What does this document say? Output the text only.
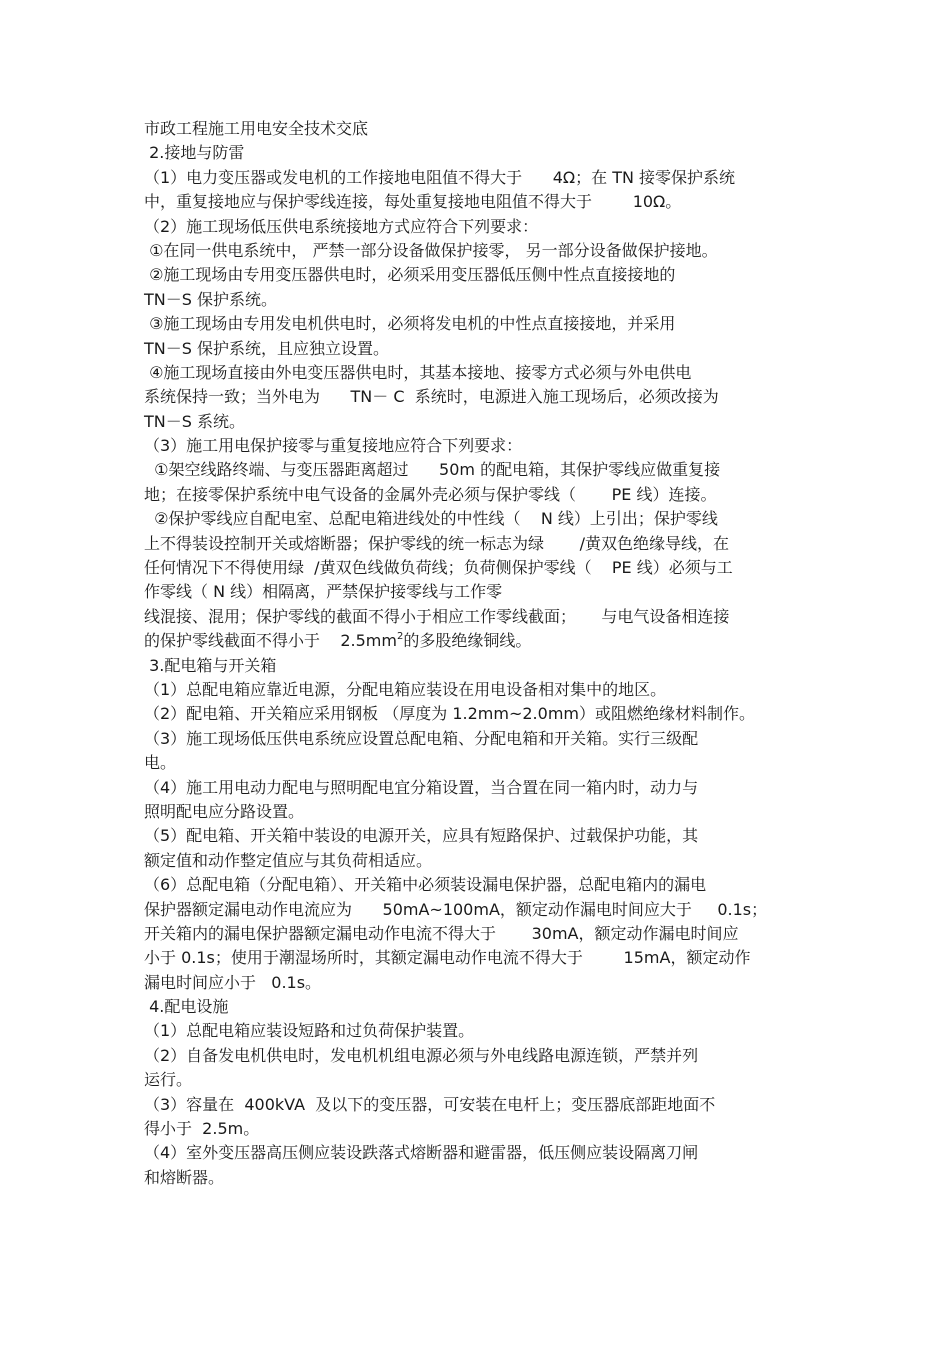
市政工程施工用电安全技术交底
2.接地与防雷
（1）电力变压器或发电机的工作接地电阻值不得大于      4Ω；在 TN 接零保护系统
中，重复接地应与保护零线连接，每处重复接地电阻值不得大于        10Ω。
（2）施工现场低压供电系统接地方式应符合下列要求：
①在同一供电系统中， 严禁一部分设备做保护接零， 另一部分设备做保护接地。
②施工现场由专用变压器供电时，必须采用变压器低压侧中性点直接接地的
TN－S 保护系统。
③施工现场由专用发电机供电时，必须将发电机的中性点直接接地，并采用
TN－S 保护系统，且应独立设置。
④施工现场直接由外电变压器供电时，其基本接地、接零方式必须与外电供电
系统保持一致；当外电为      TN－ C  系统时，电源进入施工现场后，必须改接为
TN－S 系统。
（3）施工用电保护接零与重复接地应符合下列要求：
①架空线路终端、与变压器距离超过      50m 的配电箱，其保护零线应做重复接
地；在接零保护系统中电气设备的金属外壳必须与保护零线（       PE 线）连接。
②保护零线应自配电室、总配电箱进线处的中性线（    N 线）上引出；保护零线
上不得装设控制开关或熔断器；保护零线的统一标志为绿       /黄双色绝缘导线，在
任何情况下不得使用绿  /黄双色线做负荷线；负荷侧保护零线（    PE 线）必须与工
作零线（ N 线）相隔离，严禁保护接零线与工作零
线混接、混用；保护零线的截面不得小于相应工作零线截面；     与电气设备相连接
的保护零线截面不得小于    $2.5mm^2$的多股绝缘铜线。
3.配电箱与开关箱
（1）总配电箱应靠近电源，分配电箱应装设在用电设备相对集中的地区。
（2）配电箱、开关箱应采用钢板 （厚度为 1.2mm~2.0mm）或阻燃绝缘材料制作。
（3）施工现场低压供电系统应设置总配电箱、分配电箱和开关箱。实行三级配
电。
（4）施工用电动力配电与照明配电宜分箱设置，当合置在同一箱内时，动力与
照明配电应分路设置。
（5）配电箱、开关箱中装设的电源开关，应具有短路保护、过载保护功能，其
额定值和动作整定值应与其负荷相适应。
（6）总配电箱（分配电箱）、开关箱中必须装设漏电保护器，总配电箱内的漏电
保护器额定漏电动作电流应为      50mA~100mA，额定动作漏电时间应大于     0.1s；
开关箱内的漏电保护器额定漏电动作电流不得大于       30mA，额定动作漏电时间应
小于 0.1s；使用于潮湿场所时，其额定漏电动作电流不得大于        15mA，额定动作
漏电时间应小于   0.1s。
4.配电设施
（1）总配电箱应装设短路和过负荷保护装置。
（2）自备发电机供电时，发电机机组电源必须与外电线路电源连锁，严禁并列
运行。
（3）容量在  400kVA  及以下的变压器，可安装在电杆上；变压器底部距地面不
得小于  2.5m。
（4）室外变压器高压侧应装设跌落式熔断器和避雷器，低压侧应装设隔离刀闸
和熔断器。
